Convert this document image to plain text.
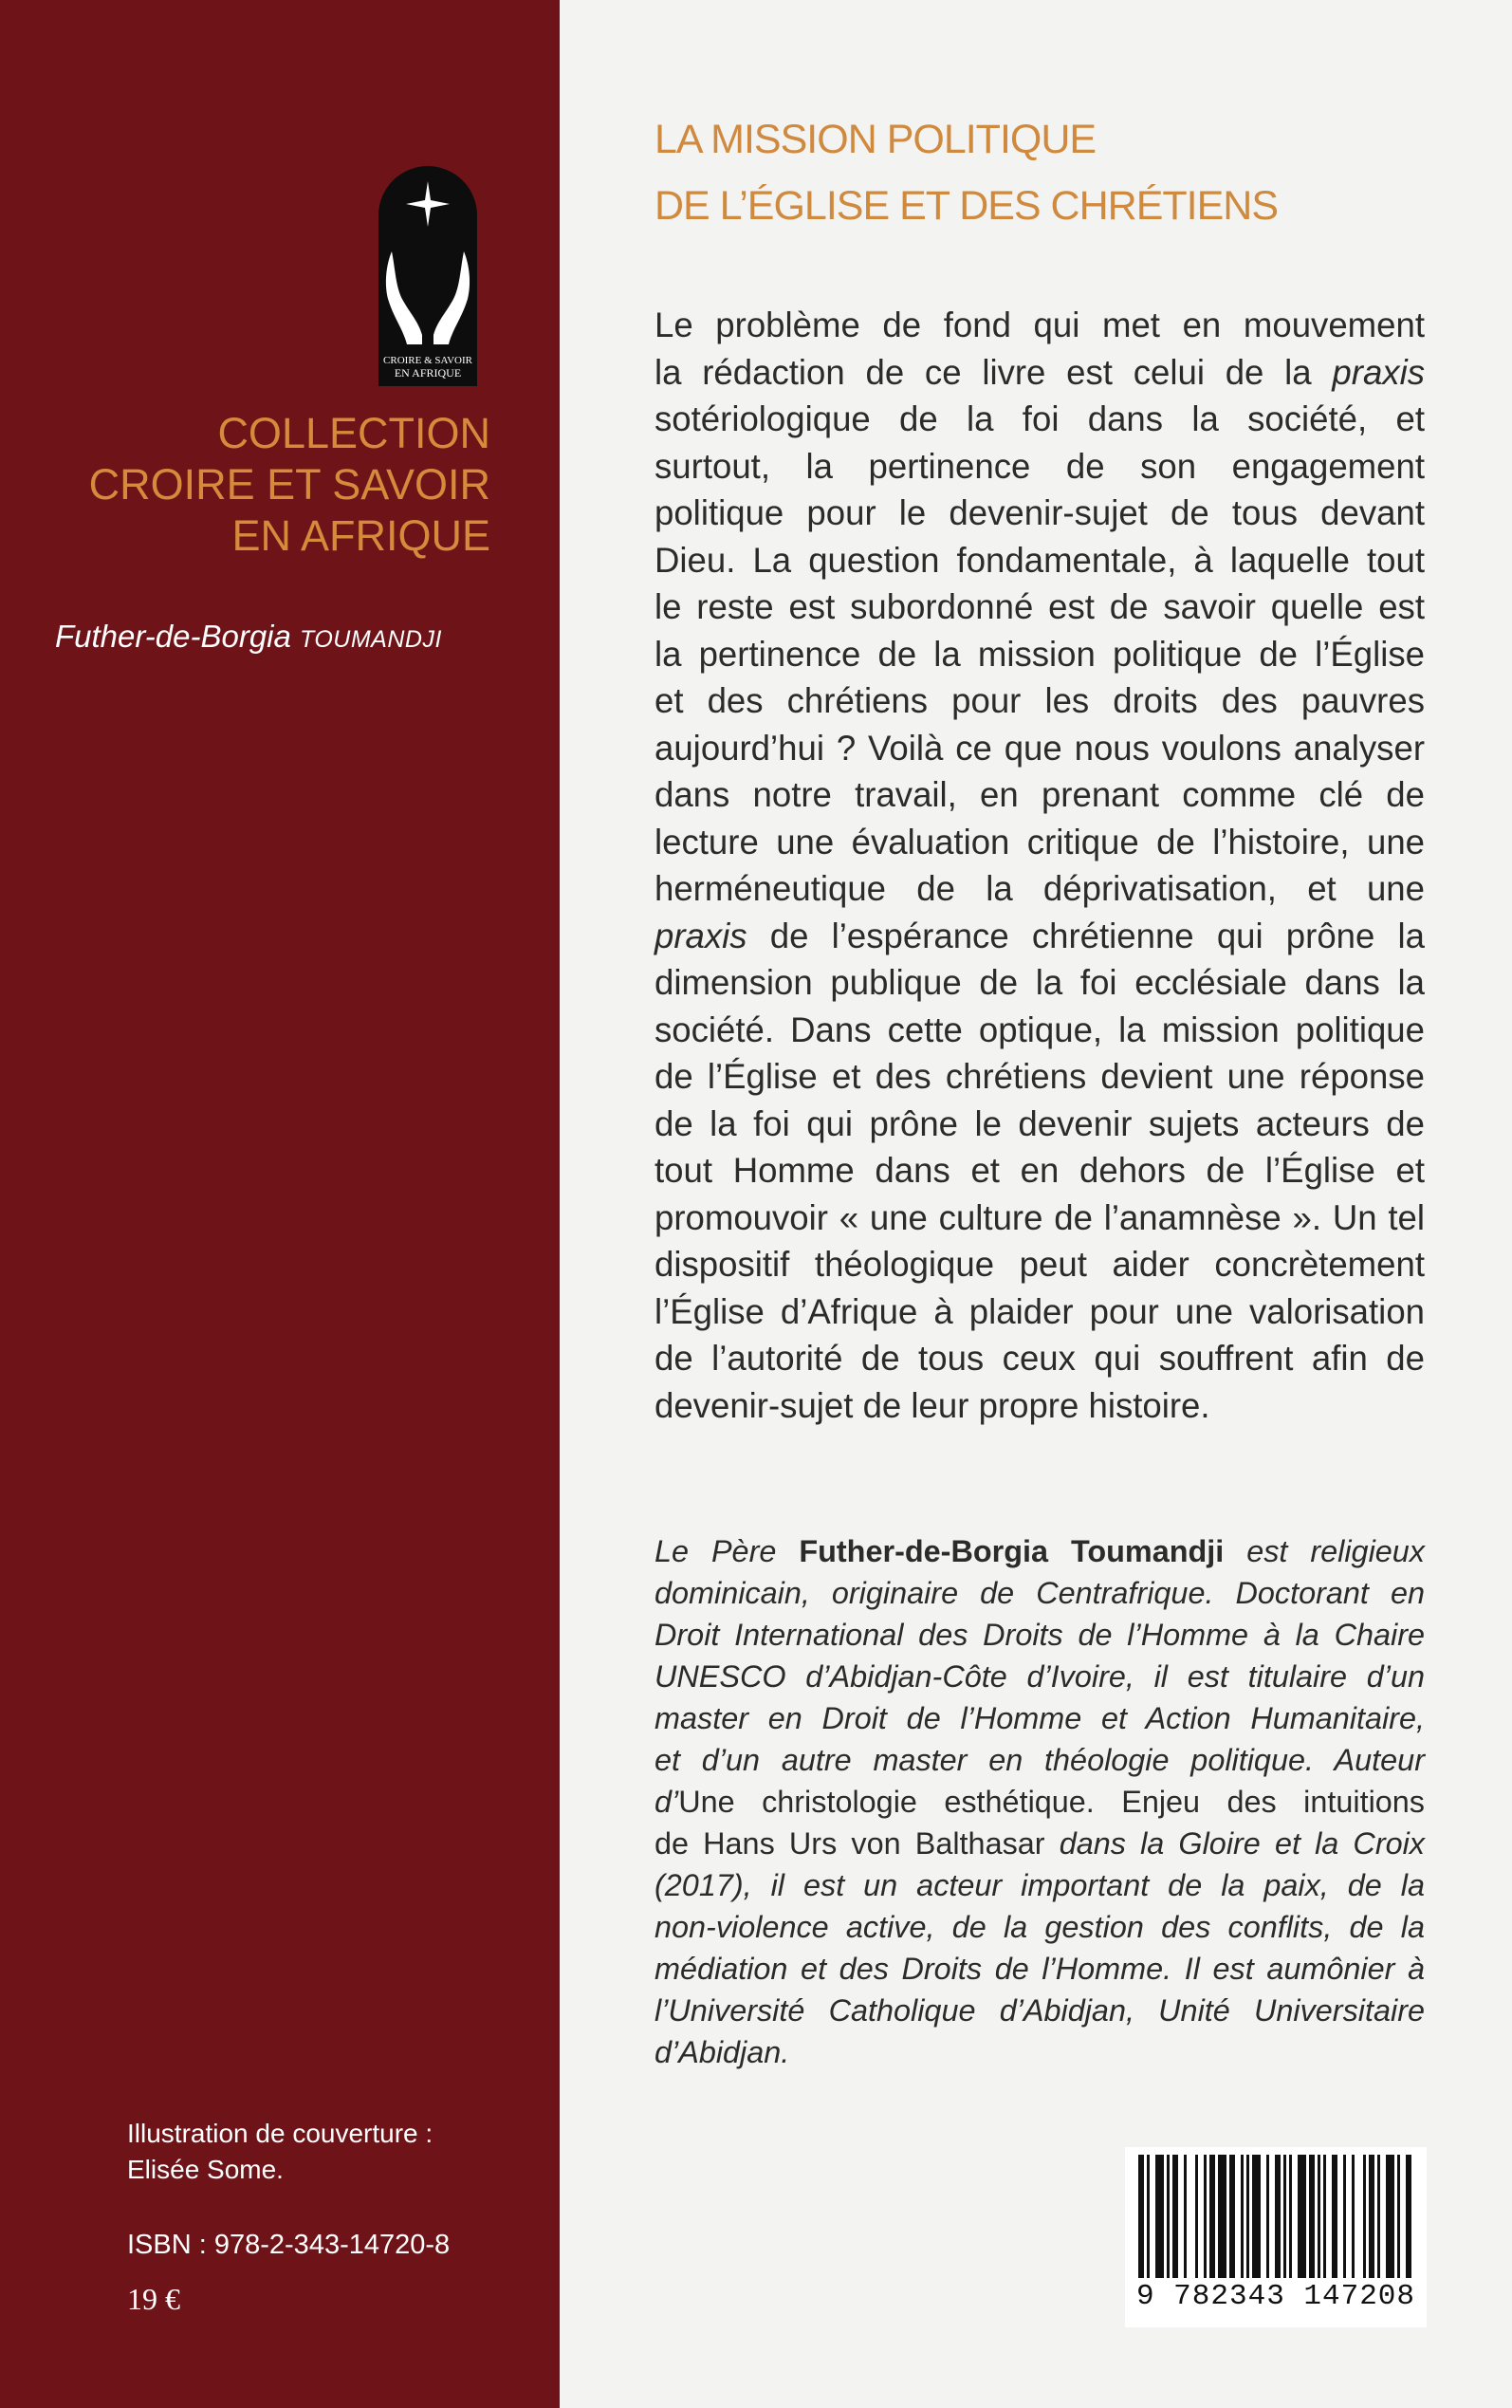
CROIRE & SAVOIR
EN AFRIQUE
COLLECTION
CROIRE ET SAVOIR
EN AFRIQUE
Futher-de-Borgia TOUMANDJI
Illustration de couverture :
Elisée Some.
ISBN : 978-2-343-14720-8
19 €
LA MISSION POLITIQUE
DE L’ÉGLISE ET DES CHRÉTIENS
Le problème de fond qui met en mouvement
la rédaction de ce livre est celui de la praxis
sotériologique de la foi dans la société, et
surtout, la pertinence de son engagement
politique pour le devenir-sujet de tous devant
Dieu. La question fondamentale, à laquelle tout
le reste est subordonné est de savoir quelle est
la pertinence de la mission politique de l’Église
et des chrétiens pour les droits des pauvres
aujourd’hui ? Voilà ce que nous voulons analyser
dans notre travail, en prenant comme clé de
lecture une évaluation critique de l’histoire, une
herméneutique de la déprivatisation, et une
praxis de l’espérance chrétienne qui prône la
dimension publique de la foi ecclésiale dans la
société. Dans cette optique, la mission politique
de l’Église et des chrétiens devient une réponse
de la foi qui prône le devenir sujets acteurs de
tout Homme dans et en dehors de l’Église et
promouvoir « une culture de l’anamnèse ». Un tel
dispositif théologique peut aider concrètement
l’Église d’Afrique à plaider pour une valorisation
de l’autorité de tous ceux qui souffrent afin de
devenir-sujet de leur propre histoire.
Le Père Futher-de-Borgia Toumandji est religieux
dominicain, originaire de Centrafrique. Doctorant en
Droit International des Droits de l’Homme à la Chaire
UNESCO d’Abidjan-Côte d’Ivoire, il est titulaire d’un
master en Droit de l’Homme et Action Humanitaire,
et d’un autre master en théologie politique. Auteur
d’Une christologie esthétique. Enjeu des intuitions
de Hans Urs von Balthasar dans la Gloire et la Croix
(2017), il est un acteur important de la paix, de la
non-violence active, de la gestion des conflits, de la
médiation et des Droits de l’Homme. Il est aumônier à
l’Université Catholique d’Abidjan, Unité Universitaire
d’Abidjan.
9 782343 147208
